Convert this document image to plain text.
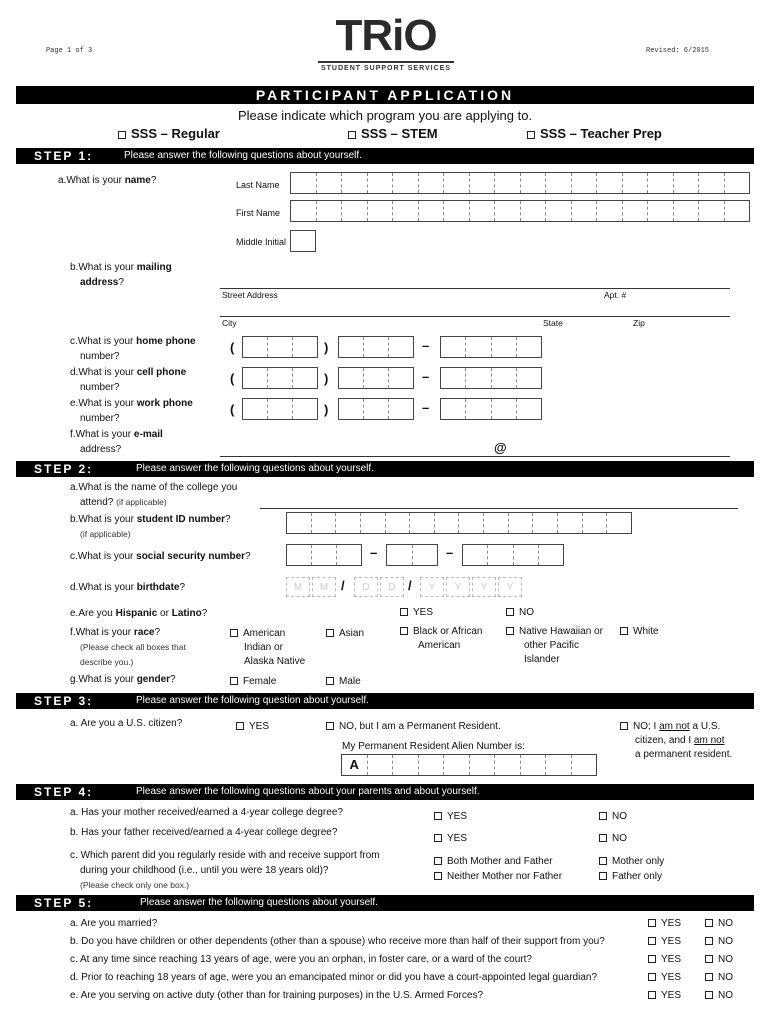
Page 1 of 3	Revised: 6/2015
TRiO
STUDENT SUPPORT SERVICES
PARTICIPANT APPLICATION
Please indicate which program you are applying to.
SSS – Regular	SSS – STEM	SSS – Teacher Prep
STEP 1:	Please answer the following questions about yourself.
a.What is your name?	Last Name
First Name
Middle Initial
b.What is your mailing
address?
Street Address	Apt. #
City	State	Zip
c.What is your home phone
number?
(	)	–
d.What is your cell phone
number?
(	)	–
e.What is your work phone
number?
(	)	–
f.What is your e-mail
address?	@
STEP 2:	Please answer the following questions about yourself.
a.What is the name of the college you
attend? (if applicable)
b.What is your student ID number?
(if applicable)
c.What is your social security number?	–	–
d.What is your birthdate?	M	M /	D	D /	Y	Y	Y	Y
e.Are you Hispanic or Latino?	YES	NO
f.What is your race?
(Please check all boxes that
describe you.)
American
Indian or
Alaska Native
Asian	Black or African
American
Native Hawaiian or
other Pacific
Islander
White
g.What is your gender?	Female	Male
STEP 3:	Please answer the following question about yourself.
a. Are you a U.S. citizen?	YES	NO, but I am a Permanent Resident.
My Permanent Resident Alien Number is:
A
NO; I am not a U.S.
citizen, and I am not
a permanent resident.
STEP 4:	Please answer the following questions about your parents and about yourself.
a. Has your mother received/earned a 4-year college degree?	YES	NO
b. Has your father received/earned a 4-year college degree?
YES	NO
c. Which parent did you regularly reside with and receive support from
during your childhood (i.e., until you were 18 years old)?
(Please check only one box.)
Both Mother and Father	Mother only
Neither Mother nor Father	Father only
STEP 5:	Please answer the following questions about yourself.
a. Are you married?	YES	NO
b. Do you have children or other dependents (other than a spouse) who receive more than half of their support from you?	YES	NO
c. At any time since reaching 13 years of age, were you an orphan, in foster care, or a ward of the court?	YES	NO
d. Prior to reaching 18 years of age, were you an emancipated minor or did you have a court-appointed legal guardian?	YES	NO
e. Are you serving on active duty (other than for training purposes) in the U.S. Armed Forces?	YES	NO
